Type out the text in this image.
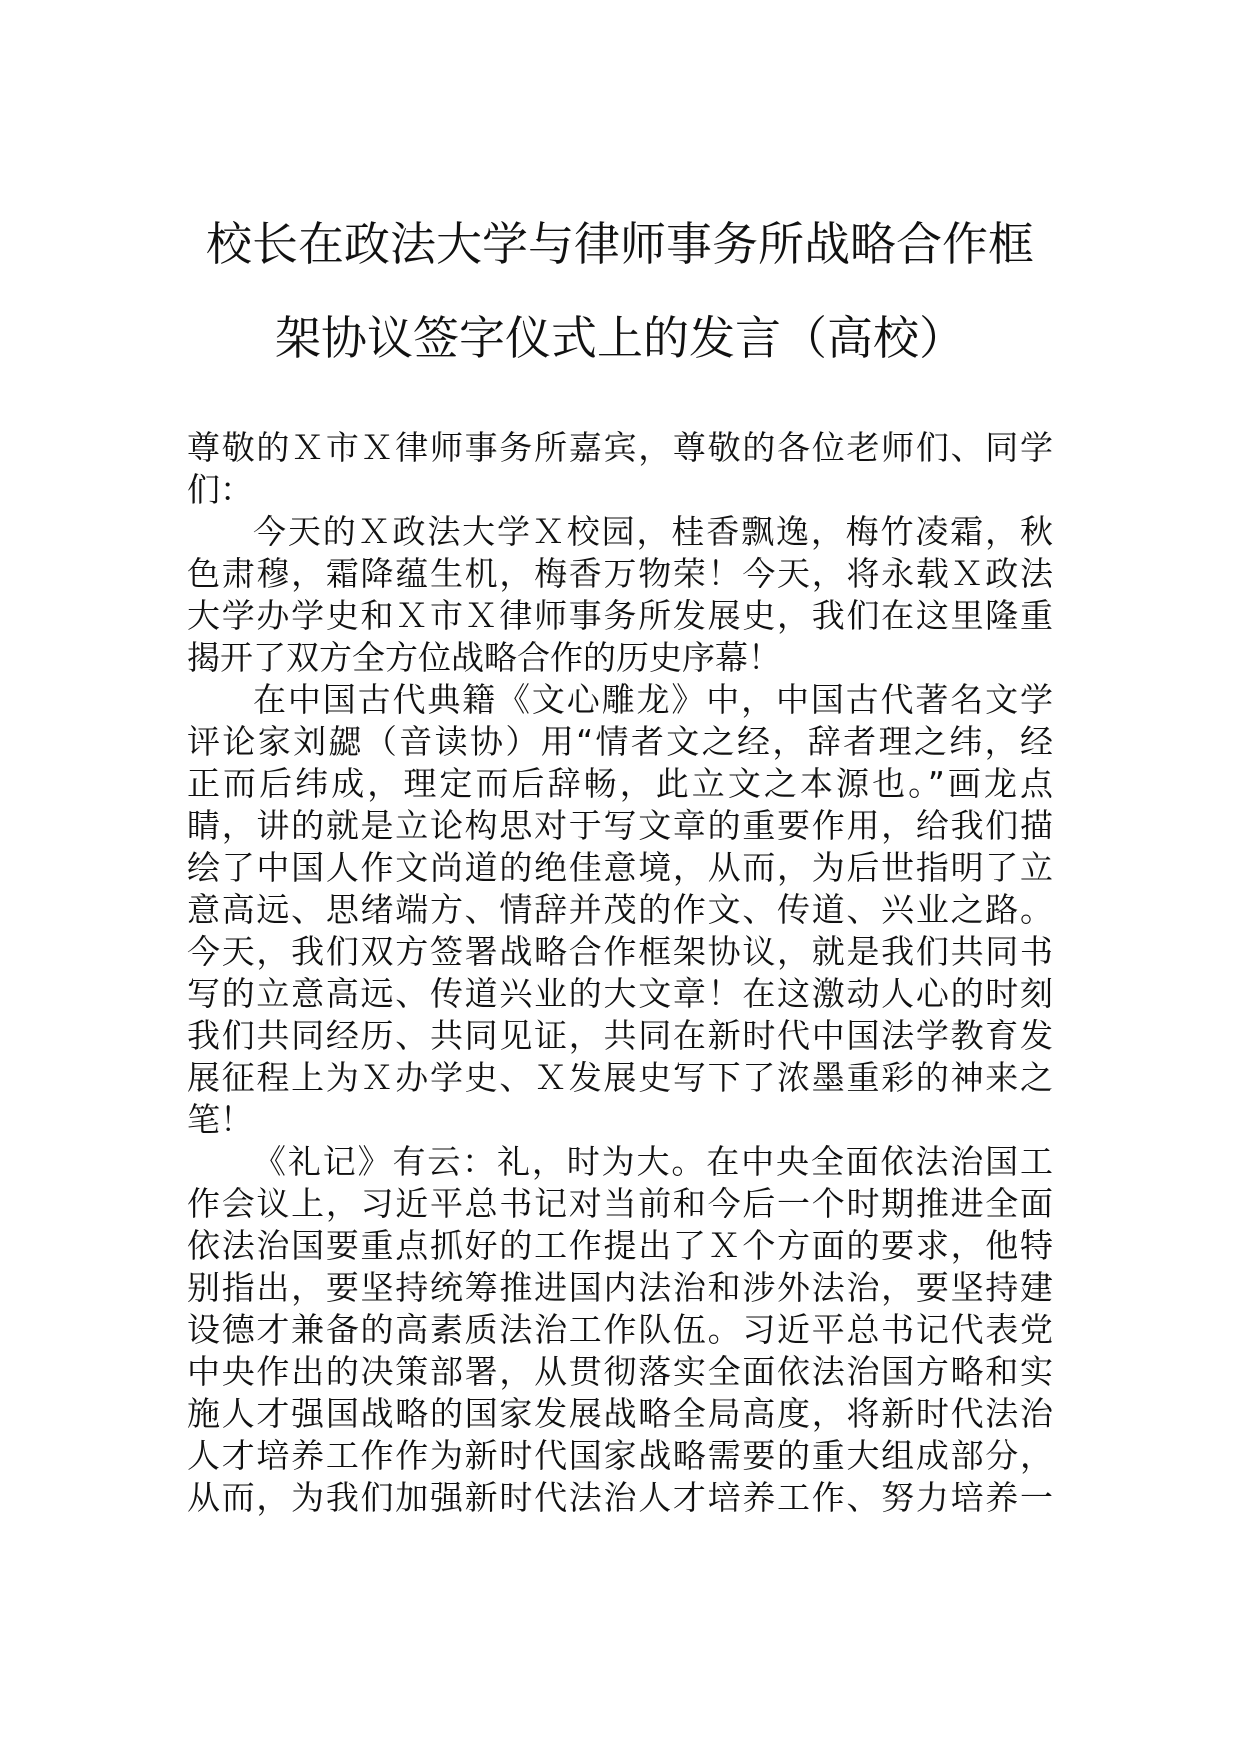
校长在政法大学与律师事务所战略合作框
架协议签字仪式上的发言（高校）
尊敬的Ｘ市Ｘ律师事务所嘉宾，尊敬的各位老师们、同学
们：
今天的Ｘ政法大学Ｘ校园，桂香飘逸，梅竹凌霜，秋
色肃穆，霜降蕴生机，梅香万物荣！今天，将永载Ｘ政法
大学办学史和Ｘ市Ｘ律师事务所发展史，我们在这里隆重
揭开了双方全方位战略合作的历史序幕！
在中国古代典籍《文心雕龙》中，中国古代著名文学
评论家刘勰（音读协）用“情者文之经，辞者理之纬，经
正而后纬成，理定而后辞畅，此立文之本源也。”画龙点
睛，讲的就是立论构思对于写文章的重要作用，给我们描
绘了中国人作文尚道的绝佳意境，从而，为后世指明了立
意高远、思绪端方、情辞并茂的作文、传道、兴业之路。
今天，我们双方签署战略合作框架协议，就是我们共同书
写的立意高远、传道兴业的大文章！在这激动人心的时刻
我们共同经历、共同见证，共同在新时代中国法学教育发
展征程上为Ｘ办学史、Ｘ发展史写下了浓墨重彩的神来之
笔！
《礼记》有云：礼，时为大。在中央全面依法治国工
作会议上，习近平总书记对当前和今后一个时期推进全面
依法治国要重点抓好的工作提出了Ｘ个方面的要求，他特
别指出，要坚持统筹推进国内法治和涉外法治，要坚持建
设德才兼备的高素质法治工作队伍。习近平总书记代表党
中央作出的决策部署，从贯彻落实全面依法治国方略和实
施人才强国战略的国家发展战略全局高度，将新时代法治
人才培养工作作为新时代国家战略需要的重大组成部分，
从而，为我们加强新时代法治人才培养工作、努力培养一
